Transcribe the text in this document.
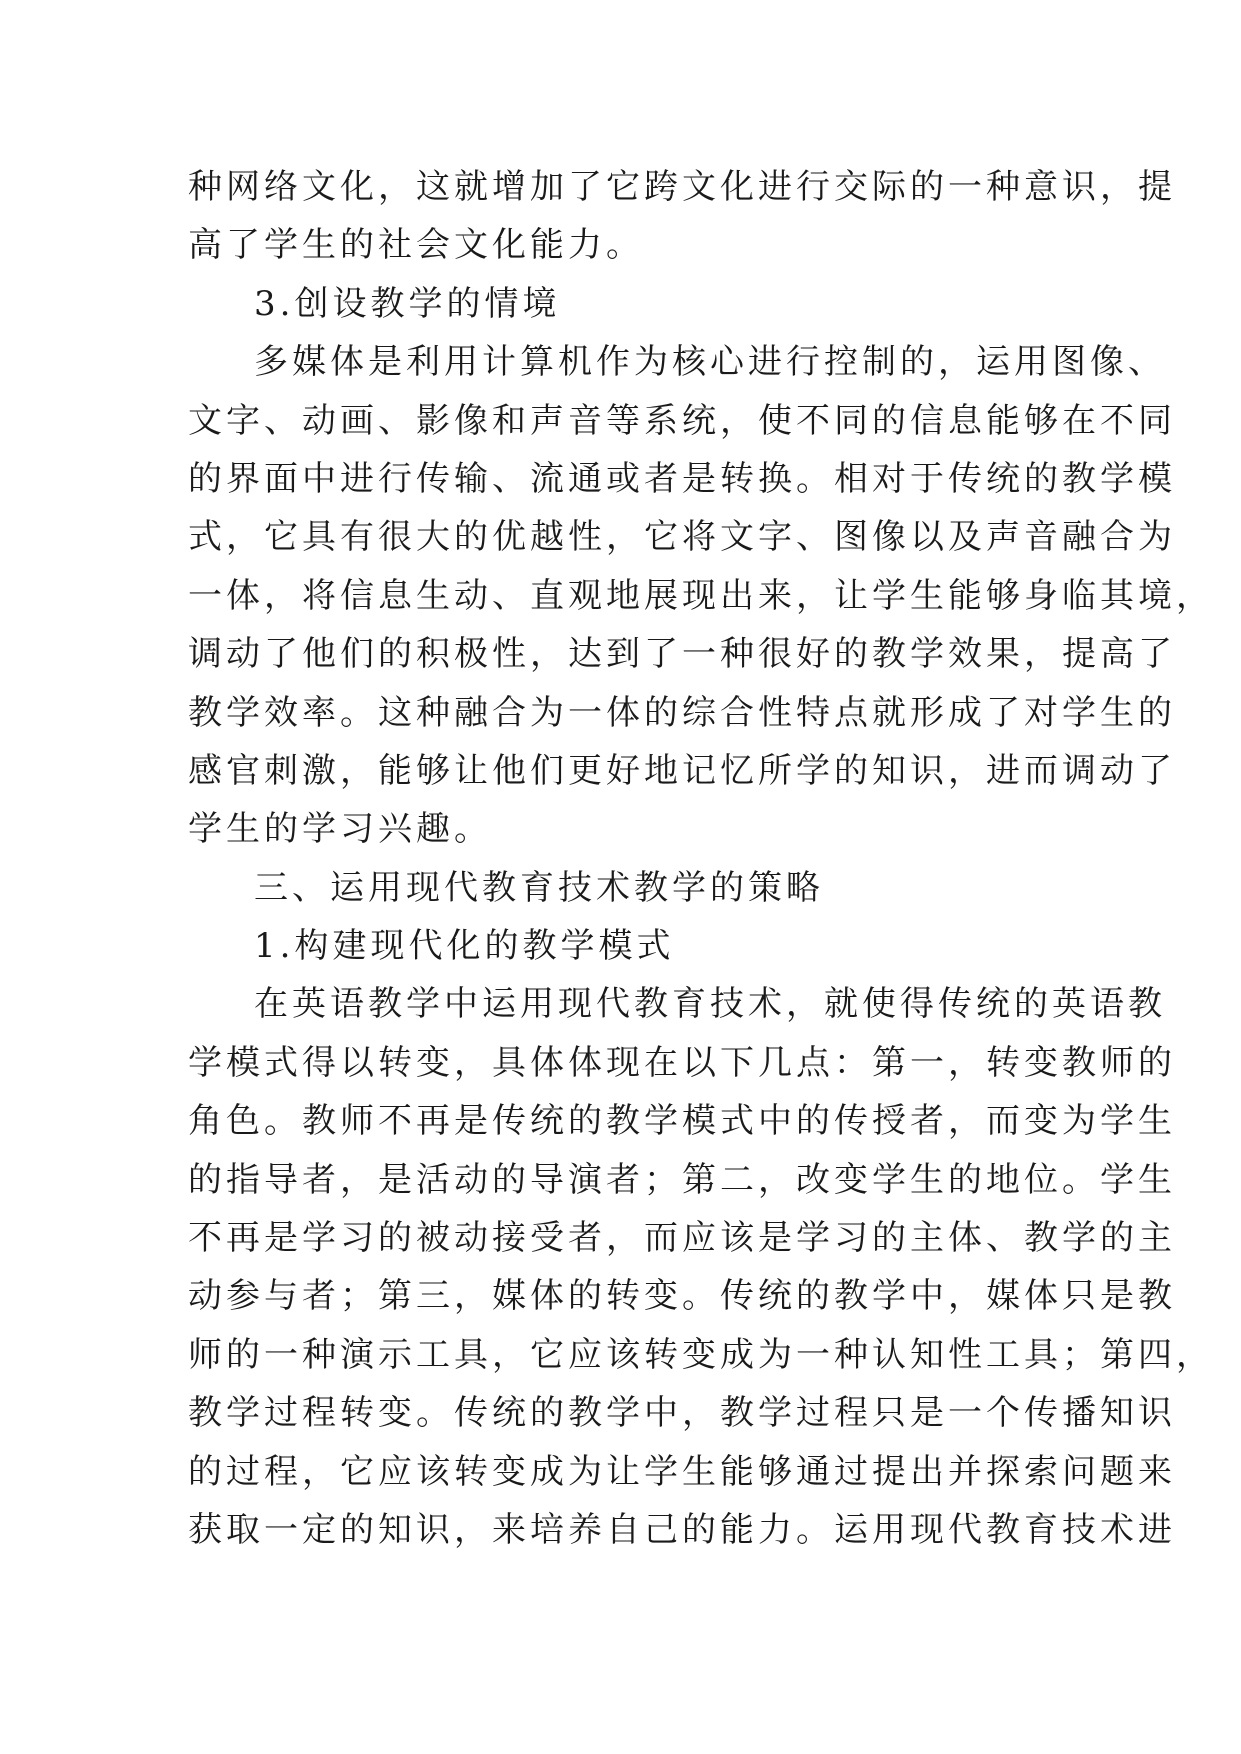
种网络文化，这就增加了它跨文化进行交际的一种意识，提
高了学生的社会文化能力。
3.创设教学的情境
多媒体是利用计算机作为核心进行控制的，运用图像、
文字、动画、影像和声音等系统，使不同的信息能够在不同
的界面中进行传输、流通或者是转换。相对于传统的教学模
式，它具有很大的优越性，它将文字、图像以及声音融合为
一体，将信息生动、直观地展现出来，让学生能够身临其境，
调动了他们的积极性，达到了一种很好的教学效果，提高了
教学效率。这种融合为一体的综合性特点就形成了对学生的
感官刺激，能够让他们更好地记忆所学的知识，进而调动了
学生的学习兴趣。
三、运用现代教育技术教学的策略
1.构建现代化的教学模式
在英语教学中运用现代教育技术，就使得传统的英语教
学模式得以转变，具体体现在以下几点：第一，转变教师的
角色。教师不再是传统的教学模式中的传授者，而变为学生
的指导者，是活动的导演者；第二，改变学生的地位。学生
不再是学习的被动接受者，而应该是学习的主体、教学的主
动参与者；第三，媒体的转变。传统的教学中，媒体只是教
师的一种演示工具，它应该转变成为一种认知性工具；第四，
教学过程转变。传统的教学中，教学过程只是一个传播知识
的过程，它应该转变成为让学生能够通过提出并探索问题来
获取一定的知识，来培养自己的能力。运用现代教育技术进
